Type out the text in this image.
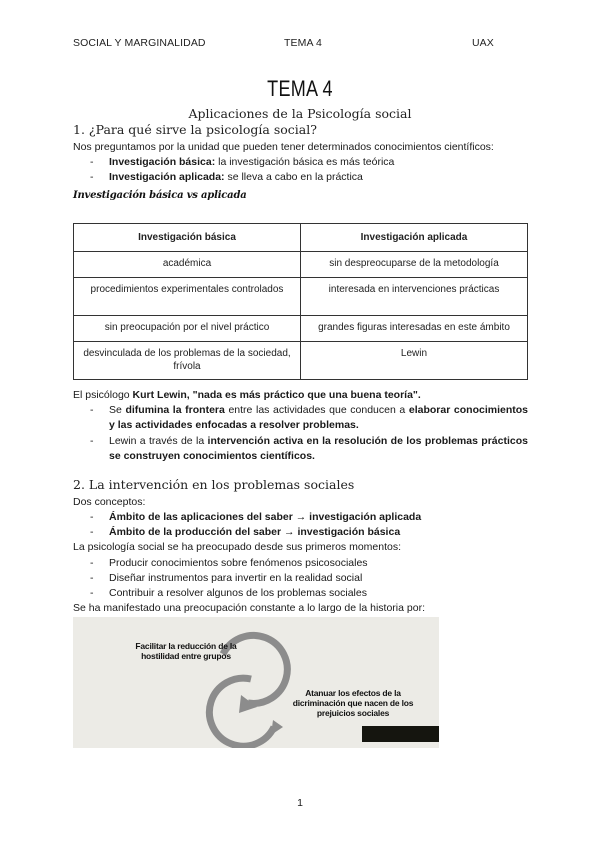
SOCIAL Y MARGINALIDAD	TEMA 4	UAX
TEMA 4
Aplicaciones de la Psicología social
1. ¿Para qué sirve la psicología social?
Nos preguntamos por la unidad que pueden tener determinados conocimientos científicos:
- Investigación básica: la investigación básica es más teórica
- Investigación aplicada: se lleva a cabo en la práctica
Investigación básica vs aplicada
Investigación básica	Investigación aplicada
académica	sin despreocuparse de la metodología
procedimientos experimentales controlados	interesada en intervenciones prácticas
sin preocupación por el nivel práctico	grandes figuras interesadas en este ámbito
desvinculada de los problemas de la sociedad, frívola	Lewin
El psicólogo Kurt Lewin, "nada es más práctico que una buena teoría".
- Se difumina la frontera entre las actividades que conducen a elaborar conocimientos y las actividades enfocadas a resolver problemas.
- Lewin a través de la intervención activa en la resolución de los problemas prácticos se construyen conocimientos científicos.
2. La intervención en los problemas sociales
Dos conceptos:
- Ámbito de las aplicaciones del saber → investigación aplicada
- Ámbito de la producción del saber → investigación básica
La psicología social se ha preocupado desde sus primeros momentos:
- Producir conocimientos sobre fenómenos psicosociales
- Diseñar instrumentos para invertir en la realidad social
- Contribuir a resolver algunos de los problemas sociales
Se ha manifestado una preocupación constante a lo largo de la historia por:
Facilitar la reducción de la hostilidad entre grupos
Atanuar los efectos de la dicriminación que nacen de los prejuicios sociales
1
